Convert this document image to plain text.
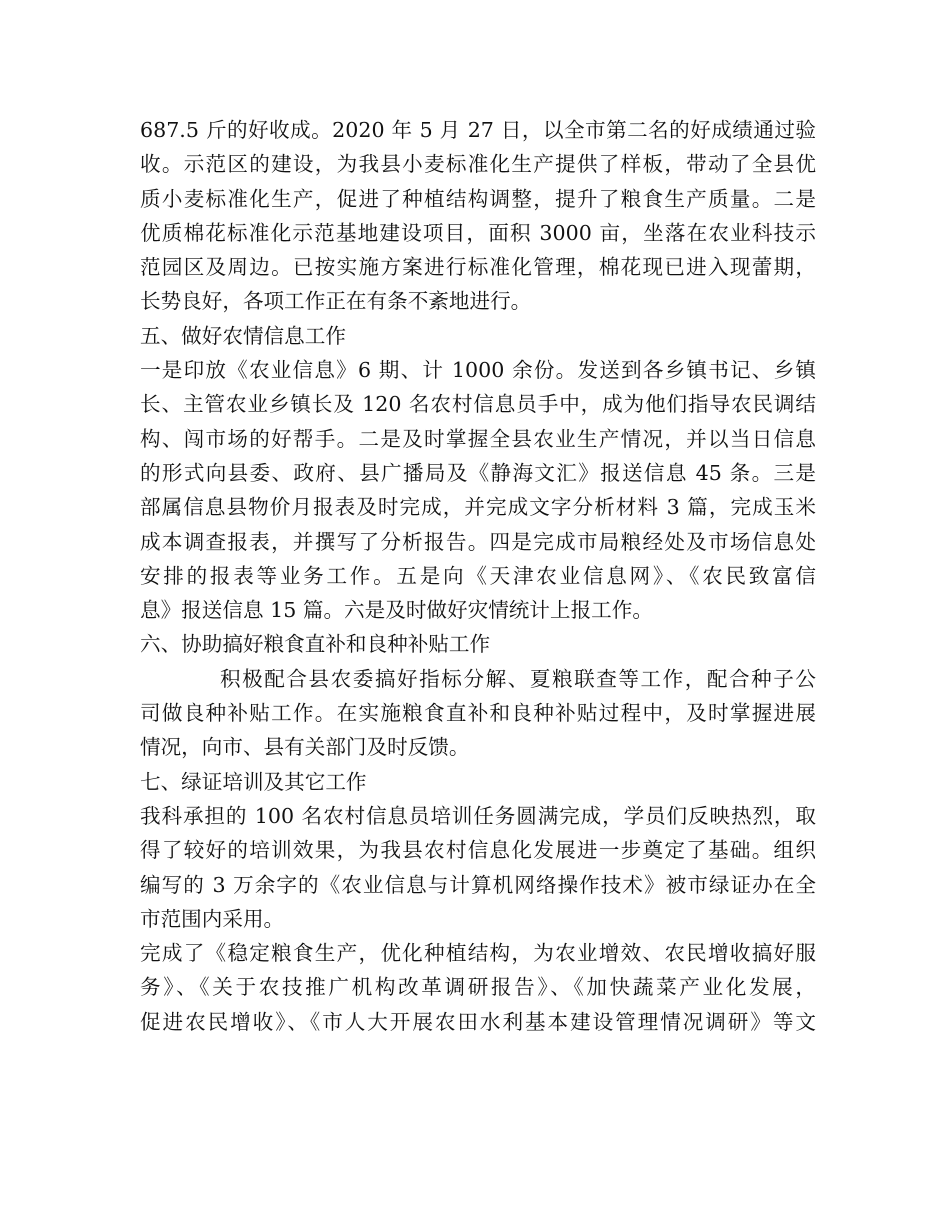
687.5 斤的好收成。2020 年 5 月 27 日，以全市第二名的好成绩通过验
收。示范区的建设，为我县小麦标准化生产提供了样板，带动了全县优
质小麦标准化生产，促进了种植结构调整，提升了粮食生产质量。二是
优质棉花标准化示范基地建设项目，面积 3000 亩，坐落在农业科技示
范园区及周边。已按实施方案进行标准化管理，棉花现已进入现蕾期，
长势良好，各项工作正在有条不紊地进行。
五、做好农情信息工作
一是印放《农业信息》6 期、计 1000 余份。发送到各乡镇书记、乡镇
长、主管农业乡镇长及 120 名农村信息员手中，成为他们指导农民调结
构、闯市场的好帮手。二是及时掌握全县农业生产情况，并以当日信息
的形式向县委、政府、县广播局及《静海文汇》报送信息 45 条。三是
部属信息县物价月报表及时完成，并完成文字分析材料 3 篇，完成玉米
成本调查报表，并撰写了分析报告。四是完成市局粮经处及市场信息处
安排的报表等业务工作。五是向《天津农业信息网》、《农民致富信
息》报送信息 15 篇。六是及时做好灾情统计上报工作。
六、协助搞好粮食直补和良种补贴工作
积极配合县农委搞好指标分解、夏粮联查等工作，配合种子公
司做良种补贴工作。在实施粮食直补和良种补贴过程中，及时掌握进展
情况，向市、县有关部门及时反馈。
七、绿证培训及其它工作
我科承担的 100 名农村信息员培训任务圆满完成，学员们反映热烈，取
得了较好的培训效果，为我县农村信息化发展进一步奠定了基础。组织
编写的 3 万余字的《农业信息与计算机网络操作技术》被市绿证办在全
市范围内采用。
完成了《稳定粮食生产，优化种植结构，为农业增效、农民增收搞好服
务》、《关于农技推广机构改革调研报告》、《加快蔬菜产业化发展，
促进农民增收》、《市人大开展农田水利基本建设管理情况调研》等文
